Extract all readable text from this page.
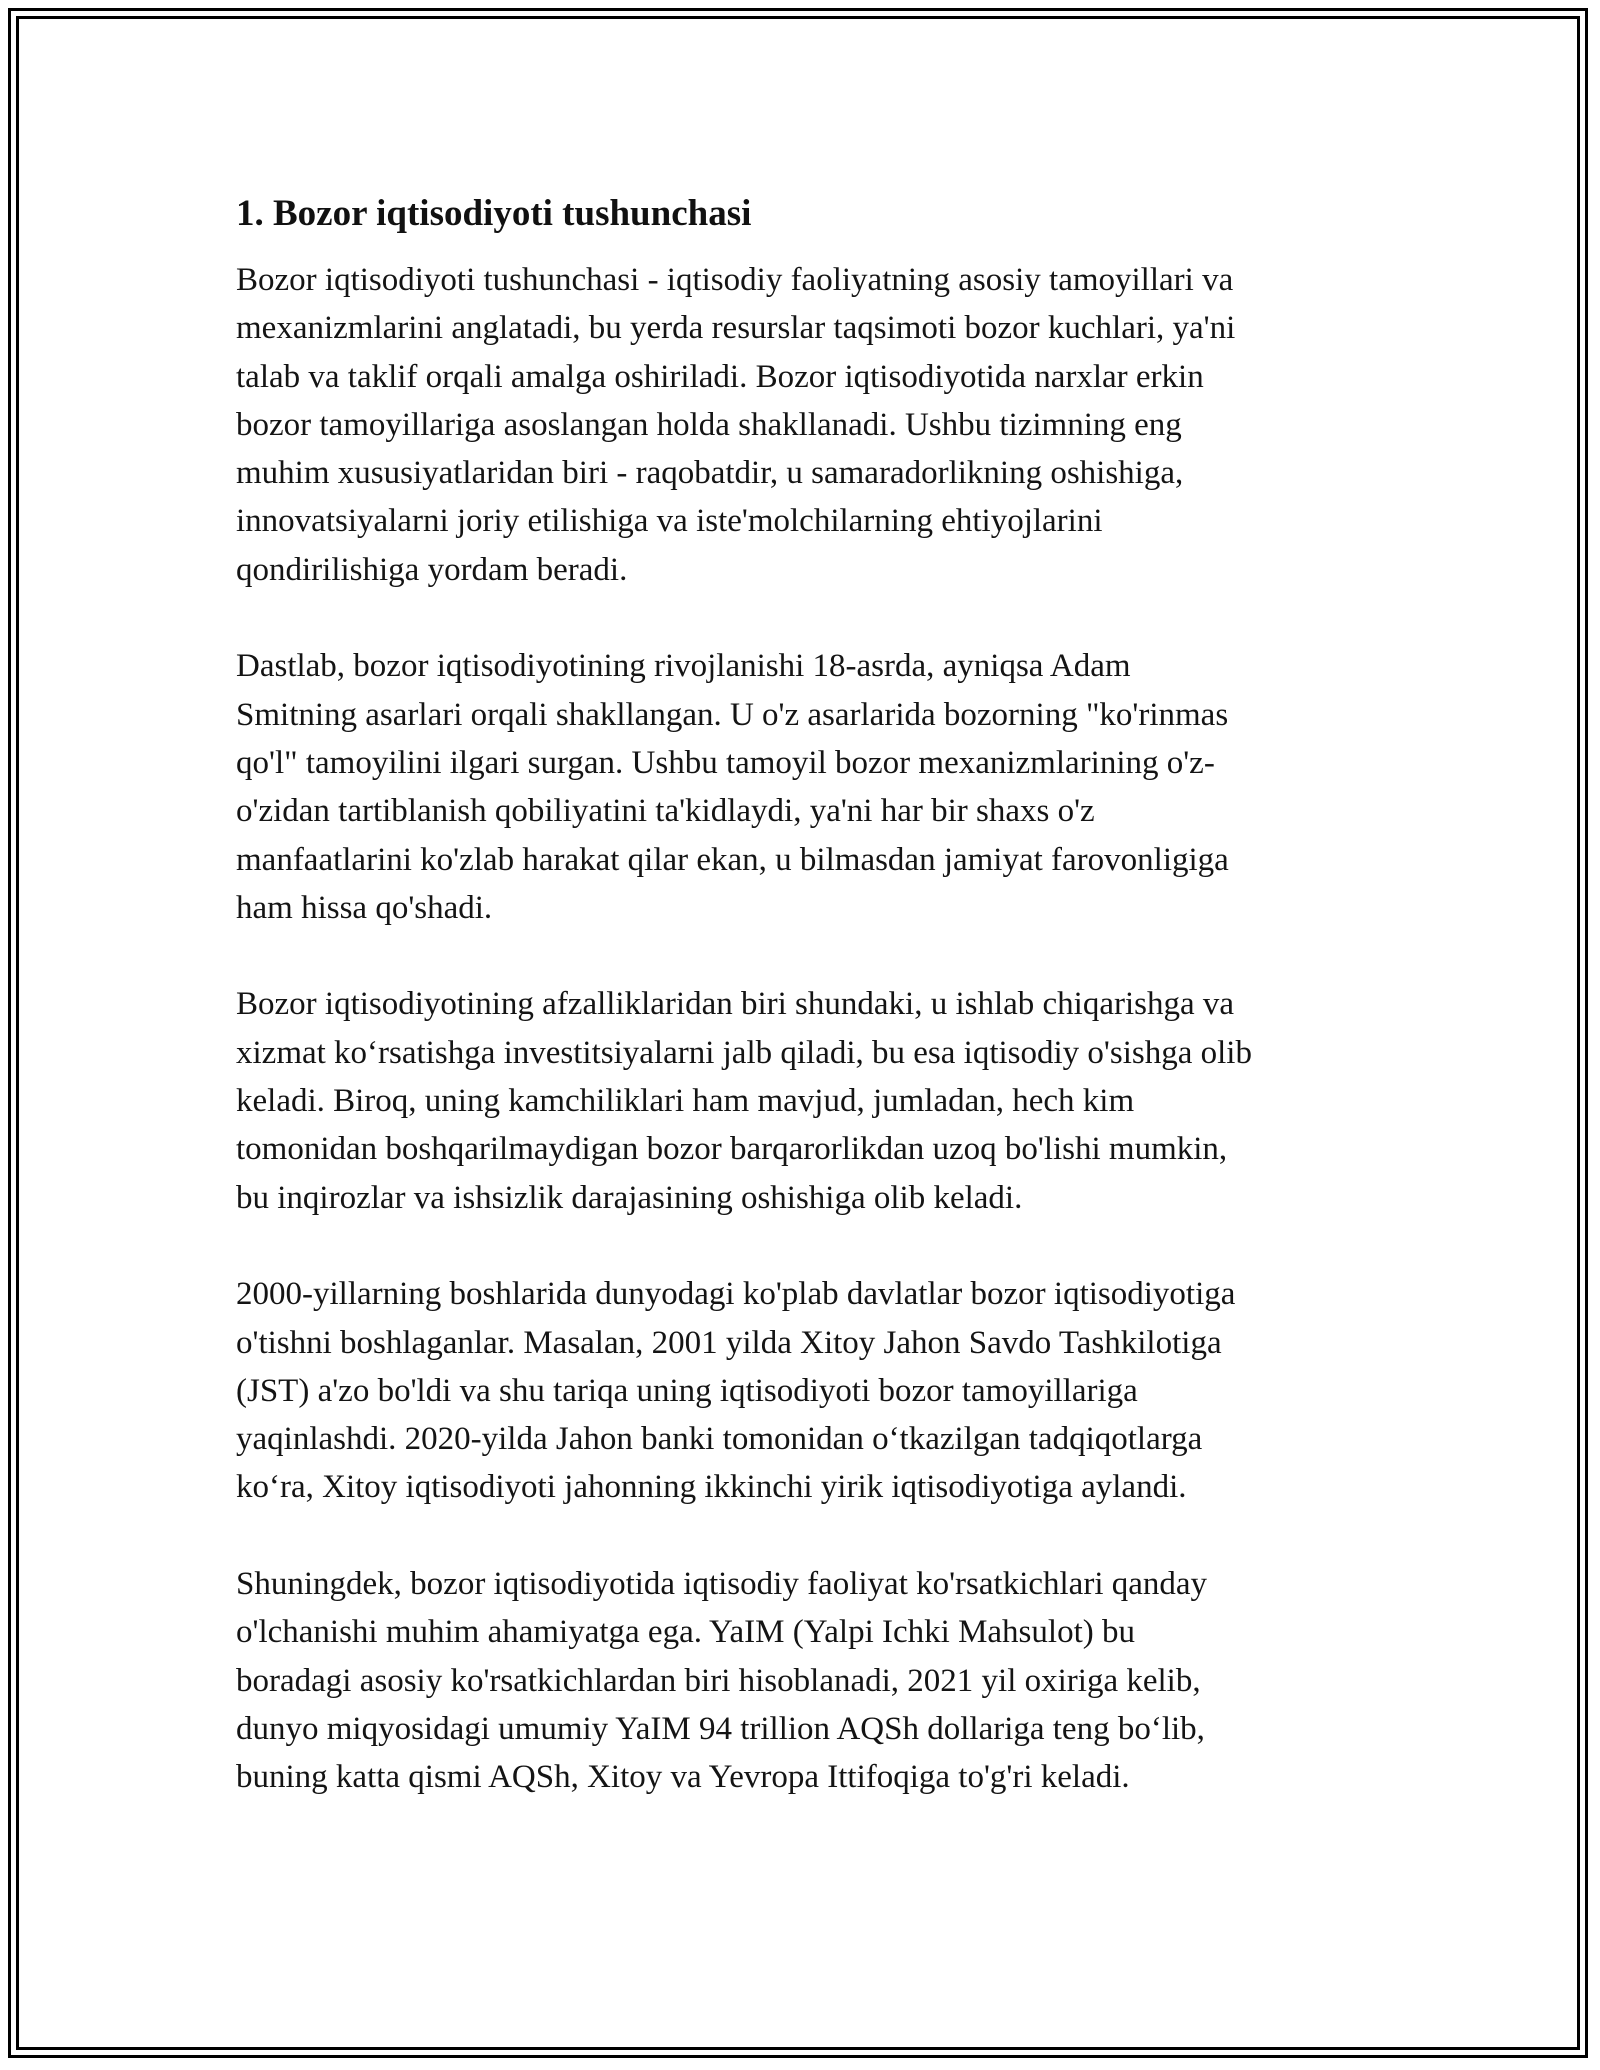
1. Bozor iqtisodiyoti tushunchasi

Bozor iqtisodiyoti tushunchasi - iqtisodiy faoliyatning asosiy tamoyillari va
mexanizmlarini anglatadi, bu yerda resurslar taqsimoti bozor kuchlari, ya'ni
talab va taklif orqali amalga oshiriladi. Bozor iqtisodiyotida narxlar erkin
bozor tamoyillariga asoslangan holda shakllanadi. Ushbu tizimning eng
muhim xususiyatlaridan biri - raqobatdir, u samaradorlikning oshishiga,
innovatsiyalarni joriy etilishiga va iste'molchilarning ehtiyojlarini
qondirilishiga yordam beradi.

Dastlab, bozor iqtisodiyotining rivojlanishi 18-asrda, ayniqsa Adam
Smitning asarlari orqali shakllangan. U o'z asarlarida bozorning "ko'rinmas
qo'l" tamoyilini ilgari surgan. Ushbu tamoyil bozor mexanizmlarining o'z-
o'zidan tartiblanish qobiliyatini ta'kidlaydi, ya'ni har bir shaxs o'z
manfaatlarini ko'zlab harakat qilar ekan, u bilmasdan jamiyat farovonligiga
ham hissa qo'shadi.

Bozor iqtisodiyotining afzalliklaridan biri shundaki, u ishlab chiqarishga va
xizmat ko‘rsatishga investitsiyalarni jalb qiladi, bu esa iqtisodiy o'sishga olib
keladi. Biroq, uning kamchiliklari ham mavjud, jumladan, hech kim
tomonidan boshqarilmaydigan bozor barqarorlikdan uzoq bo'lishi mumkin,
bu inqirozlar va ishsizlik darajasining oshishiga olib keladi.

2000-yillarning boshlarida dunyodagi ko'plab davlatlar bozor iqtisodiyotiga
o'tishni boshlaganlar. Masalan, 2001 yilda Xitoy Jahon Savdo Tashkilotiga
(JST) a'zo bo'ldi va shu tariqa uning iqtisodiyoti bozor tamoyillariga
yaqinlashdi. 2020-yilda Jahon banki tomonidan o‘tkazilgan tadqiqotlarga
ko‘ra, Xitoy iqtisodiyoti jahonning ikkinchi yirik iqtisodiyotiga aylandi.

Shuningdek, bozor iqtisodiyotida iqtisodiy faoliyat ko'rsatkichlari qanday
o'lchanishi muhim ahamiyatga ega. YaIM (Yalpi Ichki Mahsulot) bu
boradagi asosiy ko'rsatkichlardan biri hisoblanadi, 2021 yil oxiriga kelib,
dunyo miqyosidagi umumiy YaIM 94 trillion AQSh dollariga teng bo‘lib,
buning katta qismi AQSh, Xitoy va Yevropa Ittifoqiga to'g'ri keladi.
